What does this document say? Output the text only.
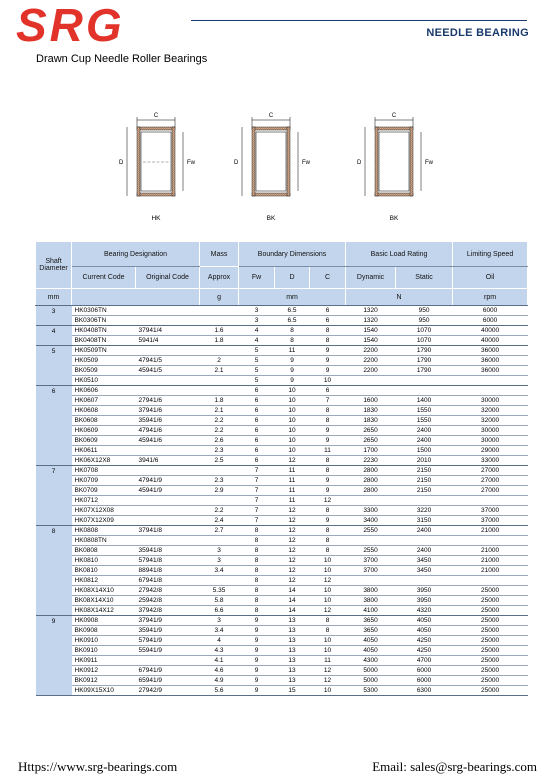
SRG	NEEDLE BEARING
Drawn Cup Needle Roller Bearings
C
D	Fw
HK
C
D	Fw
BK
C
D	Fw
BK
Shaft Diameter	Bearing Designation		Mass	Boundary Dimensions			Basic Load Rating		Limiting Speed
	Current Code	Original Code	Approx	Fw	D	C	Dynamic	Static	Oil
mm			g	mm			N		rpm
3	HK0306TN			3	6.5	6	1320	950	6000
	BK0306TN			3	6.5	6	1320	950	6000
4	HK0408TN	37941/4	1.6	4	8	8	1540	1070	40000
	BK0408TN	5941/4	1.8	4	8	8	1540	1070	40000
5	HK0509TN			5	11	9	2200	1790	36000
	HK0509	47941/5	2	5	9	9	2200	1790	36000
	BK0509	45941/5	2.1	5	9	9	2200	1790	36000
	HK0510			5	9	10			
6	HK0606			6	10	6			
	HK0607	27941/6	1.8	6	10	7	1600	1400	30000
	HK0608	37941/6	2.1	6	10	8	1830	1550	32000
	BK0608	35941/6	2.2	6	10	8	1830	1550	32000
	HK0609	47941/6	2.2	6	10	9	2650	2400	30000
	BK0609	45941/6	2.6	6	10	9	2650	2400	30000
	HK0611		2.3	6	10	11	1700	1500	29000
	HK06X12X8	3941/6	2.5	6	12	8	2230	2010	33000
7	HK0708			7	11	8	2800	2150	27000
	HK0709	47941/9	2.3	7	11	9	2800	2150	27000
	BK0709	45941/9	2.9	7	11	9	2800	2150	27000
	HK0712			7	11	12			
	HK07X12X08		2.2	7	12	8	3300	3220	37000
	HK07X12X09		2.4	7	12	9	3400	3150	37000
8	HK0808	37941/8	2.7	8	12	8	2550	2400	21000
	HK0808TN			8	12	8			
	BK0808	35941/8	3	8	12	8	2550	2400	21000
	HK0810	57941/8	3	8	12	10	3700	3450	21000
	BK0810	88941/8	3.4	8	12	10	3700	3450	21000
	HK0812	67941/8		8	12	12			
	HK08X14X10	27942/8	5.35	8	14	10	3800	3950	25000
	BK08X14X10	25942/8	5.8	8	14	10	3800	3950	25000
	HK08X14X12	37942/8	6.6	8	14	12	4100	4320	25000
9	HK0908	37941/9	3	9	13	8	3650	4050	25000
	BK0908	35941/9	3.4	9	13	8	3650	4050	25000
	HK0910	57941/9	4	9	13	10	4050	4250	25000
	BK0910	55941/9	4.3	9	13	10	4050	4250	25000
	HK0911		4.1	9	13	11	4300	4700	25000
	HK0912	67941/9	4.6	9	13	12	5000	6000	25000
	BK0912	65941/9	4.9	9	13	12	5000	6000	25000
	HK09X15X10	27942/9	5.6	9	15	10	5300	6300	25000
Https://www.srg-bearings.com	Email: sales@srg-bearings.com
